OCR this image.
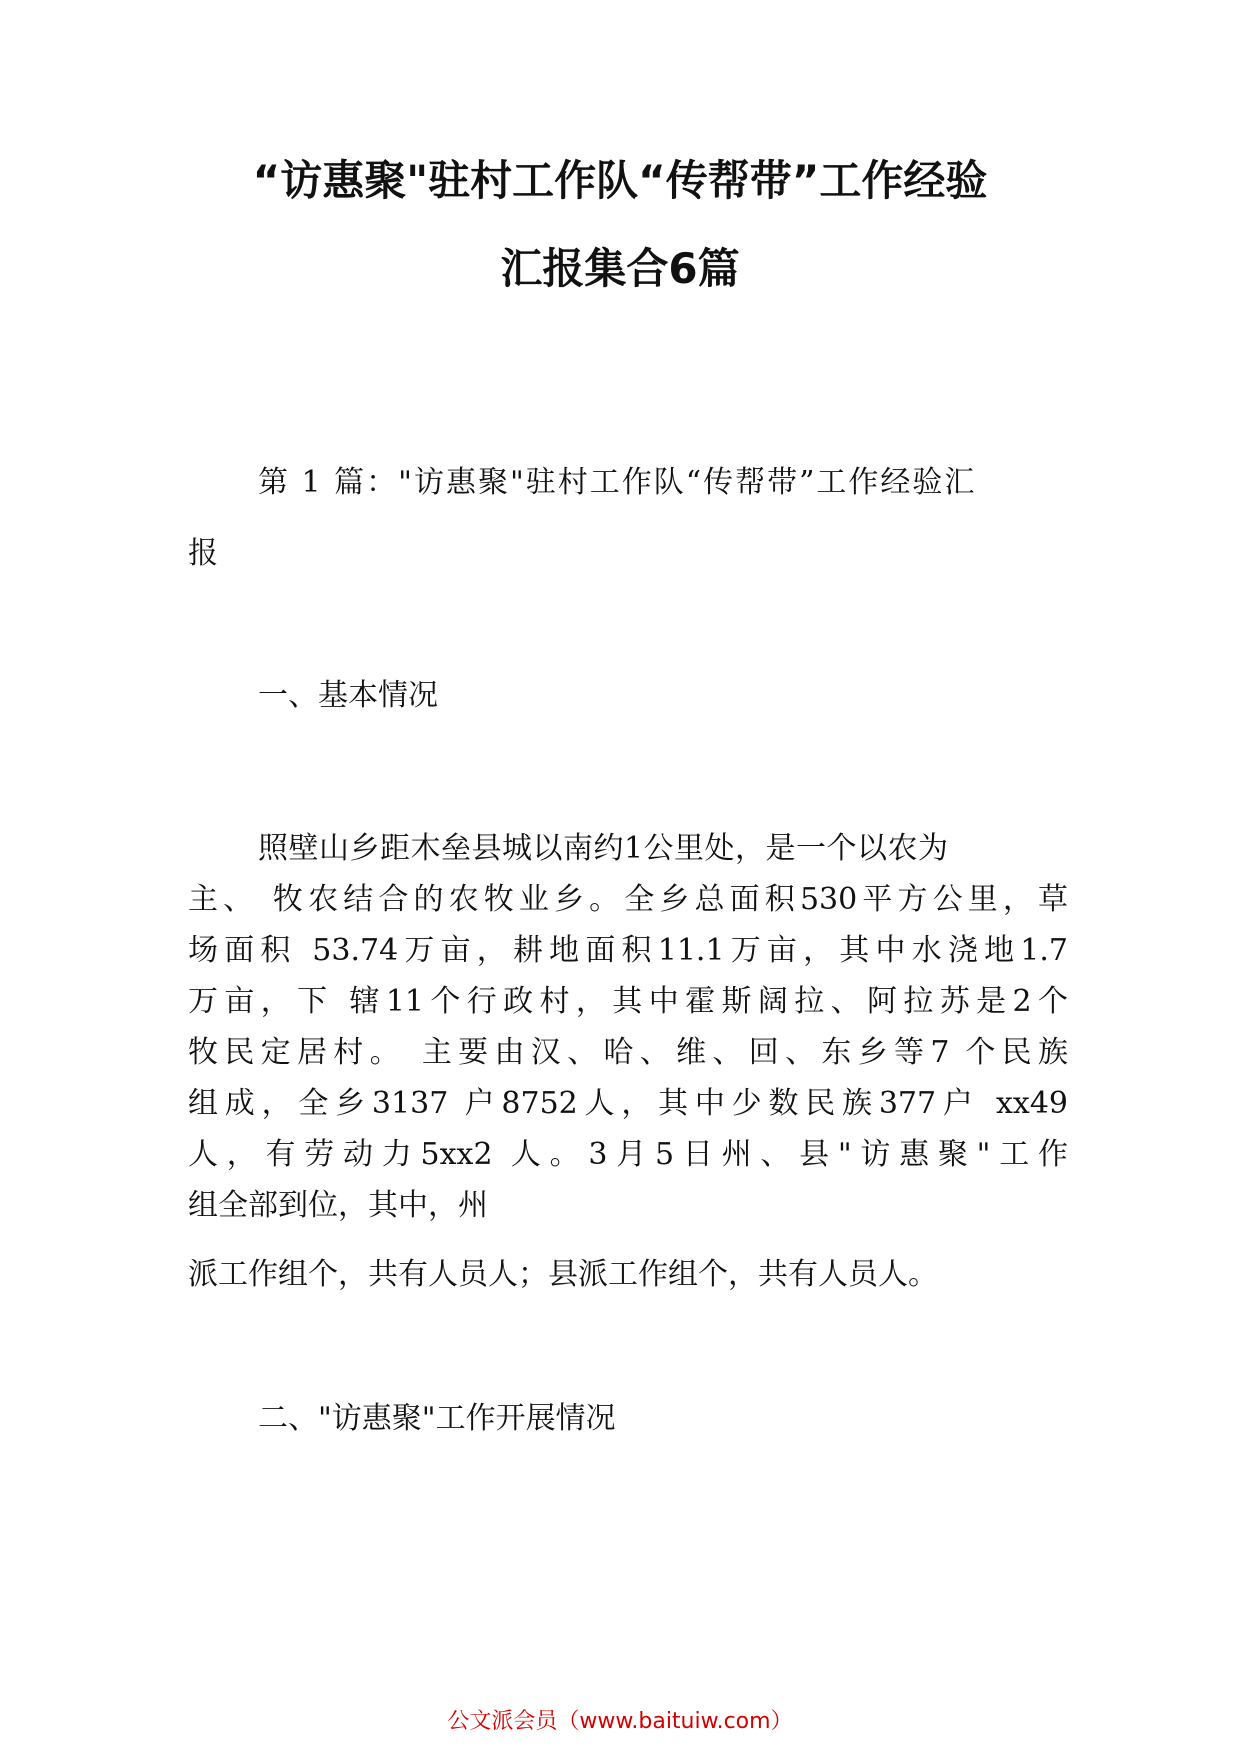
“访惠聚"驻村工作队“传帮带”工作经验
汇报集合6篇

第 1 篇："访惠聚"驻村工作队“传帮带”工作经验汇

报

一、基本情况

照壁山乡距木垒县城以南约1公里处，是一个以农为

主、 牧农结合的农牧业乡。全乡总面积530平方公里，草

场面积 53.74万亩，耕地面积11.1万亩，其中水浇地1.7

万亩，下 辖11个行政村，其中霍斯阔拉、阿拉苏是2个

牧民定居村。 主要由汉、哈、维、回、东乡等7 个民族

组成，全乡3137 户8752人，其中少数民族377户 xx49

人，有劳动力5xx2 人。3月5日州、县"访惠聚"工作

组全部到位，其中，州

派工作组个，共有人员人；县派工作组个，共有人员人。

二、"访惠聚"工作开展情况

公文派会员（www.baituiw.com）
